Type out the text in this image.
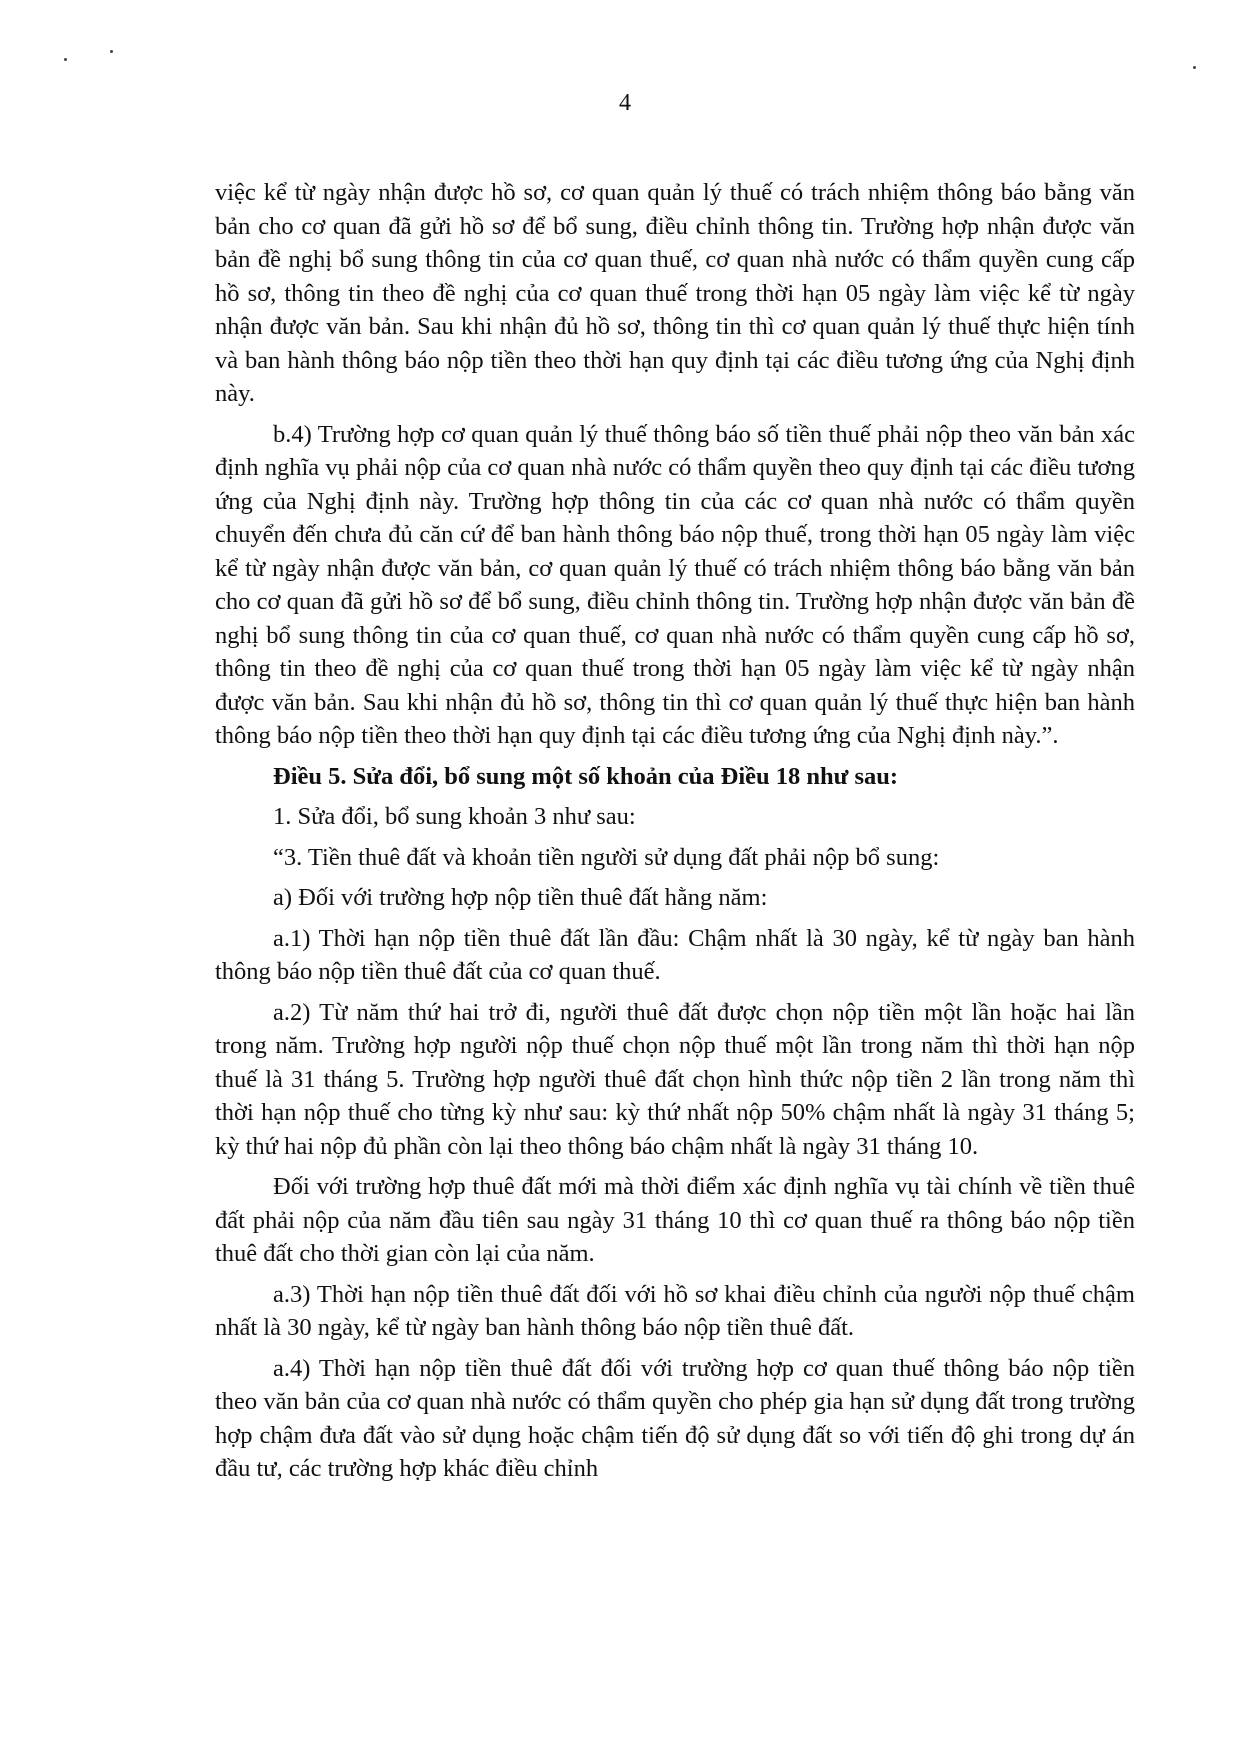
4

việc kể từ ngày nhận được hồ sơ, cơ quan quản lý thuế có trách nhiệm thông báo bằng văn bản cho cơ quan đã gửi hồ sơ để bổ sung, điều chỉnh thông tin. Trường hợp nhận được văn bản đề nghị bổ sung thông tin của cơ quan thuế, cơ quan nhà nước có thẩm quyền cung cấp hồ sơ, thông tin theo đề nghị của cơ quan thuế trong thời hạn 05 ngày làm việc kể từ ngày nhận được văn bản. Sau khi nhận đủ hồ sơ, thông tin thì cơ quan quản lý thuế thực hiện tính và ban hành thông báo nộp tiền theo thời hạn quy định tại các điều tương ứng của Nghị định này.

b.4) Trường hợp cơ quan quản lý thuế thông báo số tiền thuế phải nộp theo văn bản xác định nghĩa vụ phải nộp của cơ quan nhà nước có thẩm quyền theo quy định tại các điều tương ứng của Nghị định này. Trường hợp thông tin của các cơ quan nhà nước có thẩm quyền chuyển đến chưa đủ căn cứ để ban hành thông báo nộp thuế, trong thời hạn 05 ngày làm việc kể từ ngày nhận được văn bản, cơ quan quản lý thuế có trách nhiệm thông báo bằng văn bản cho cơ quan đã gửi hồ sơ để bổ sung, điều chỉnh thông tin. Trường hợp nhận được văn bản đề nghị bổ sung thông tin của cơ quan thuế, cơ quan nhà nước có thẩm quyền cung cấp hồ sơ, thông tin theo đề nghị của cơ quan thuế trong thời hạn 05 ngày làm việc kể từ ngày nhận được văn bản. Sau khi nhận đủ hồ sơ, thông tin thì cơ quan quản lý thuế thực hiện ban hành thông báo nộp tiền theo thời hạn quy định tại các điều tương ứng của Nghị định này.”.

Điều 5. Sửa đổi, bổ sung một số khoản của Điều 18 như sau:

1. Sửa đổi, bổ sung khoản 3 như sau:

“3. Tiền thuê đất và khoản tiền người sử dụng đất phải nộp bổ sung:

a) Đối với trường hợp nộp tiền thuê đất hằng năm:

a.1) Thời hạn nộp tiền thuê đất lần đầu: Chậm nhất là 30 ngày, kể từ ngày ban hành thông báo nộp tiền thuê đất của cơ quan thuế.

a.2) Từ năm thứ hai trở đi, người thuê đất được chọn nộp tiền một lần hoặc hai lần trong năm. Trường hợp người nộp thuế chọn nộp thuế một lần trong năm thì thời hạn nộp thuế là 31 tháng 5. Trường hợp người thuê đất chọn hình thức nộp tiền 2 lần trong năm thì thời hạn nộp thuế cho từng kỳ như sau: kỳ thứ nhất nộp 50% chậm nhất là ngày 31 tháng 5; kỳ thứ hai nộp đủ phần còn lại theo thông báo chậm nhất là ngày 31 tháng 10.

Đối với trường hợp thuê đất mới mà thời điểm xác định nghĩa vụ tài chính về tiền thuê đất phải nộp của năm đầu tiên sau ngày 31 tháng 10 thì cơ quan thuế ra thông báo nộp tiền thuê đất cho thời gian còn lại của năm.

a.3) Thời hạn nộp tiền thuê đất đối với hồ sơ khai điều chỉnh của người nộp thuế chậm nhất là 30 ngày, kể từ ngày ban hành thông báo nộp tiền thuê đất.

a.4) Thời hạn nộp tiền thuê đất đối với trường hợp cơ quan thuế thông báo nộp tiền theo văn bản của cơ quan nhà nước có thẩm quyền cho phép gia hạn sử dụng đất trong trường hợp chậm đưa đất vào sử dụng hoặc chậm tiến độ sử dụng đất so với tiến độ ghi trong dự án đầu tư, các trường hợp khác điều chỉnh
